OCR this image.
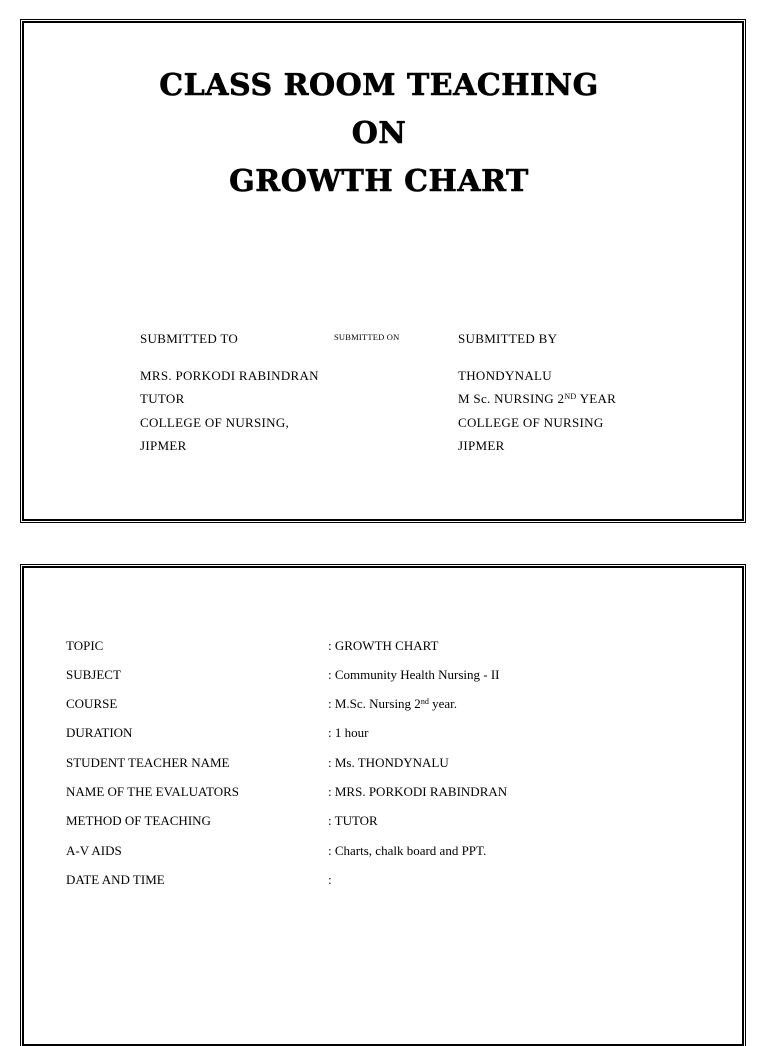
CLASS ROOM TEACHING
ON
GROWTH CHART
SUBMITTED TO	SUBMITTED ON	SUBMITTED BY
MRS. PORKODI RABINDRAN
TUTOR
COLLEGE OF NURSING,
JIPMER
THONDYNALU
M Sc. NURSING 2ND YEAR
COLLEGE OF NURSING
JIPMER
TOPIC	: GROWTH CHART
SUBJECT	: Community Health Nursing - II
COURSE	: M.Sc. Nursing 2nd year.
DURATION	: 1 hour
STUDENT TEACHER NAME	: Ms. THONDYNALU
NAME OF THE EVALUATORS	: MRS. PORKODI RABINDRAN
METHOD OF TEACHING	: TUTOR
A-V AIDS	: Charts, chalk board and PPT.
DATE AND TIME	:
